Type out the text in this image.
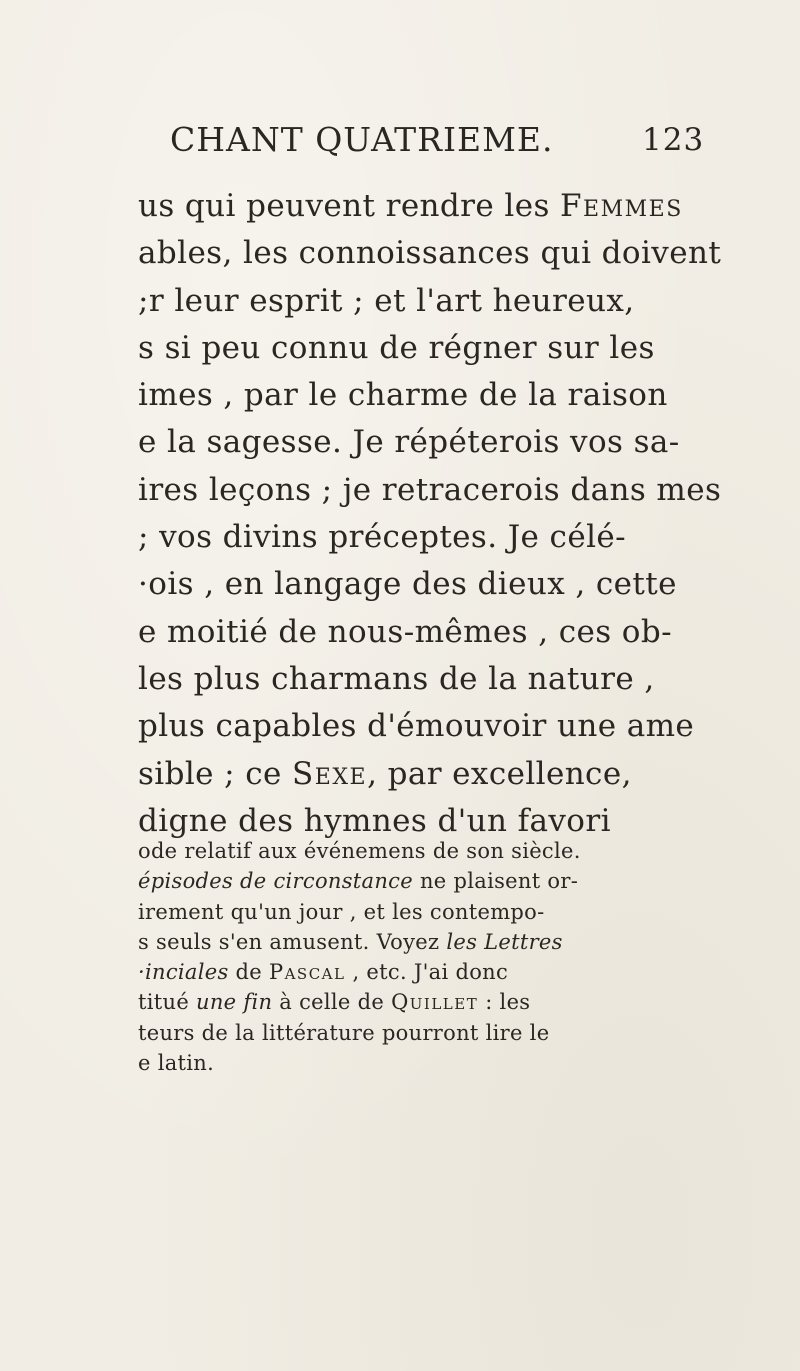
CHANT QUATRIEME.	123
us qui peuvent rendre les Femmes
ables, les connoissances qui doivent
;r leur esprit ; et l'art heureux,
s si peu connu de régner sur les
imes , par le charme de la raison
e la sagesse. Je répéterois vos sa-
ires leçons ; je retracerois dans mes
; vos divins préceptes. Je célé-
·ois , en langage des dieux , cette
e moitié de nous-mêmes , ces ob-
les plus charmans de la nature ,
plus capables d'émouvoir une ame
sible ; ce Sexe, par excellence,
digne des hymnes d'un favori
ode relatif aux événemens de son siècle.
épisodes de circonstance ne plaisent or-
irement qu'un jour , et les contempo-
s seuls s'en amusent. Voyez les Lettres
·inciales de Pascal , etc. J'ai donc
titué une fin à celle de Quillet : les
teurs de la littérature pourront lire le
e latin.
